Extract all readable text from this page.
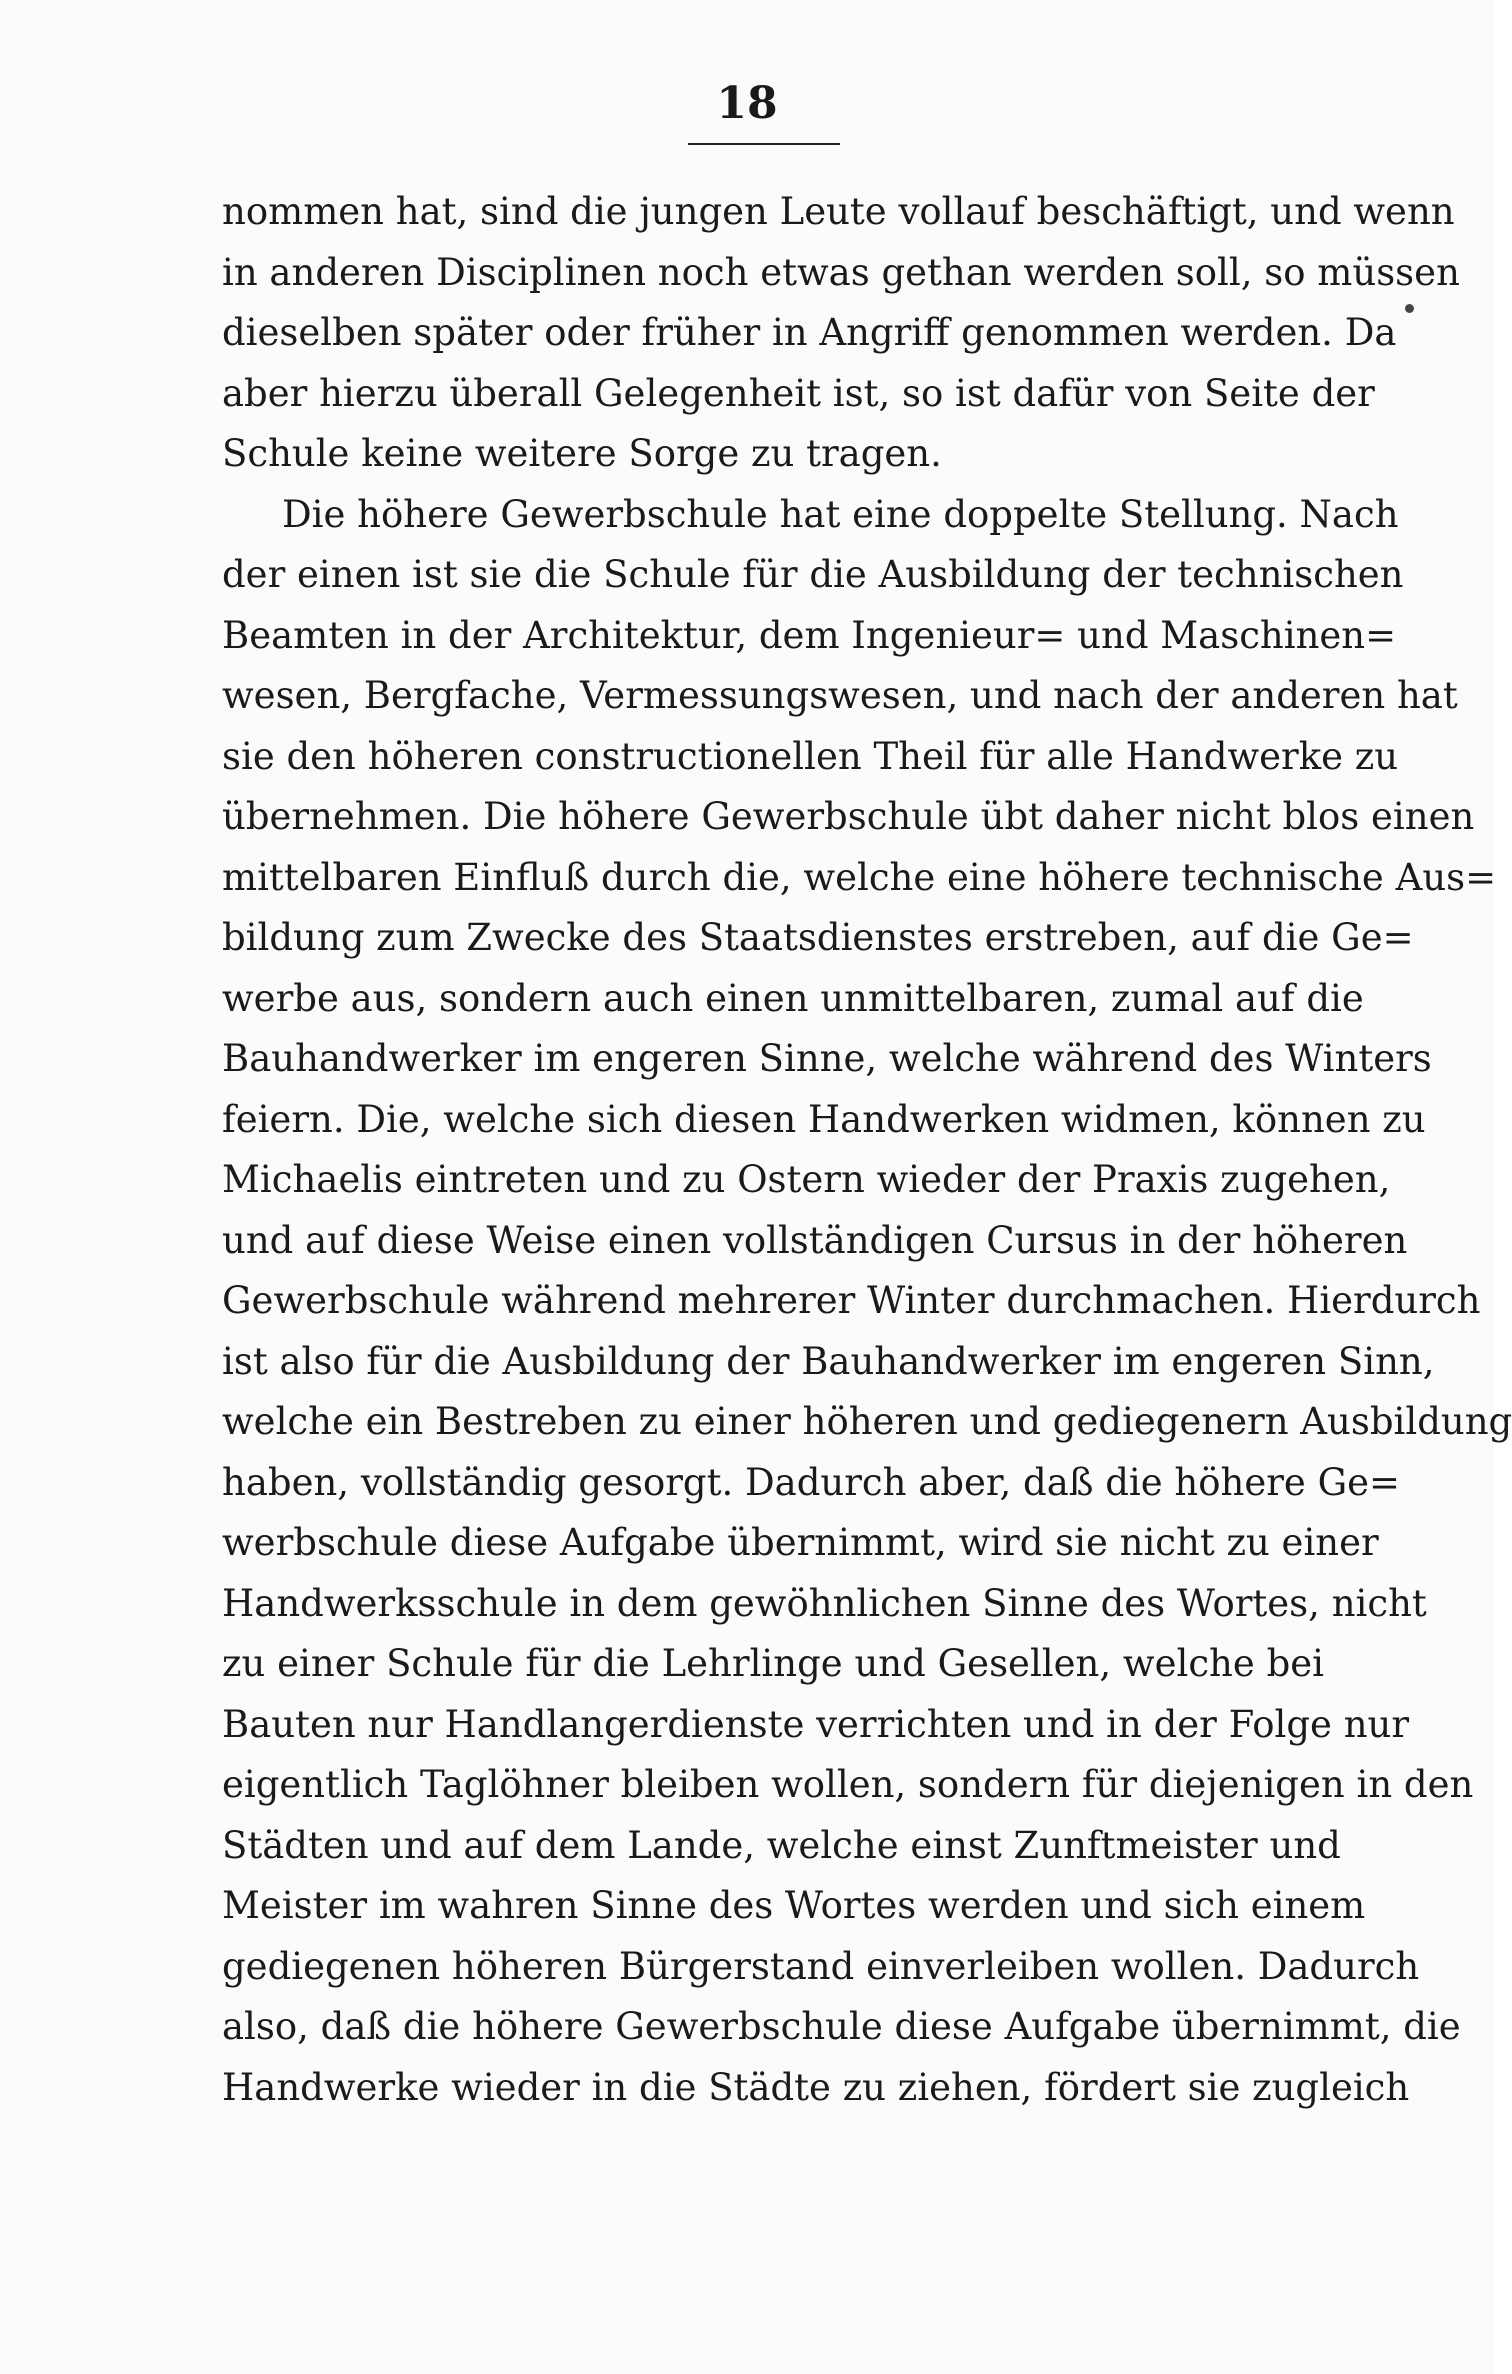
18
nommen hat, sind die jungen Leute vollauf beschäftigt, und wenn
in anderen Disciplinen noch etwas gethan werden soll, so müssen
dieselben später oder früher in Angriff genommen werden. Da
aber hierzu überall Gelegenheit ist, so ist dafür von Seite der
Schule keine weitere Sorge zu tragen.
Die höhere Gewerbschule hat eine doppelte Stellung. Nach
der einen ist sie die Schule für die Ausbildung der technischen
Beamten in der Architektur, dem Ingenieur= und Maschinen=
wesen, Bergfache, Vermessungswesen, und nach der anderen hat
sie den höheren constructionellen Theil für alle Handwerke zu
übernehmen. Die höhere Gewerbschule übt daher nicht blos einen
mittelbaren Einfluß durch die, welche eine höhere technische Aus=
bildung zum Zwecke des Staatsdienstes erstreben, auf die Ge=
werbe aus, sondern auch einen unmittelbaren, zumal auf die
Bauhandwerker im engeren Sinne, welche während des Winters
feiern. Die, welche sich diesen Handwerken widmen, können zu
Michaelis eintreten und zu Ostern wieder der Praxis zugehen,
und auf diese Weise einen vollständigen Cursus in der höheren
Gewerbschule während mehrerer Winter durchmachen. Hierdurch
ist also für die Ausbildung der Bauhandwerker im engeren Sinn,
welche ein Bestreben zu einer höheren und gediegenern Ausbildung
haben, vollständig gesorgt. Dadurch aber, daß die höhere Ge=
werbschule diese Aufgabe übernimmt, wird sie nicht zu einer
Handwerksschule in dem gewöhnlichen Sinne des Wortes, nicht
zu einer Schule für die Lehrlinge und Gesellen, welche bei
Bauten nur Handlangerdienste verrichten und in der Folge nur
eigentlich Taglöhner bleiben wollen, sondern für diejenigen in den
Städten und auf dem Lande, welche einst Zunftmeister und
Meister im wahren Sinne des Wortes werden und sich einem
gediegenen höheren Bürgerstand einverleiben wollen. Dadurch
also, daß die höhere Gewerbschule diese Aufgabe übernimmt, die
Handwerke wieder in die Städte zu ziehen, fördert sie zugleich
